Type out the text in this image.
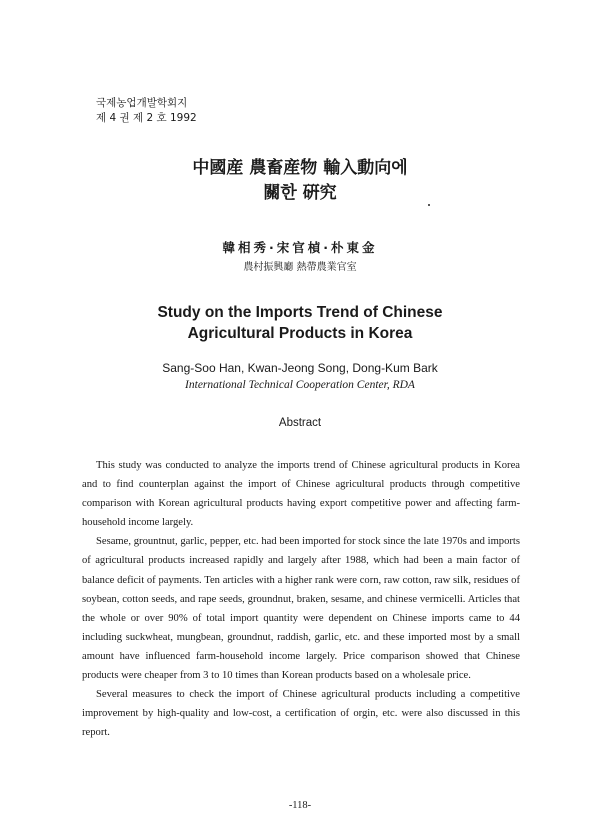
국제농업개발학회지
제 4 권 제 2 호 1992
中國産 農畜産物 輸入動向에
關한 硏究
韓相秀·宋官楨·朴東金
農村振興廳 熱帶農業官室
Study on the Imports Trend of Chinese
Agricultural Products in Korea
Sang-Soo Han, Kwan-Jeong Song, Dong-Kum Bark
International Technical Cooperation Center, RDA
Abstract

This study was conducted to analyze the imports trend of Chinese agricultural products in Korea and to find counterplan against the import of Chinese agricultural products through competitive comparison with Korean agricultural products having export competitive power and affecting farm-household income largely.

Sesame, grountnut, garlic, pepper, etc. had been imported for stock since the late 1970s and imports of agricultural products increased rapidly and largely after 1988, which had been a main factor of balance deficit of payments. Ten articles with a higher rank were corn, raw cotton, raw silk, residues of soybean, cotton seeds, and rape seeds, groundnut, braken, sesame, and chinese vermicelli. Articles that the whole or over 90% of total import quantity were dependent on Chinese imports came to 44 including suckwheat, mungbean, groundnut, raddish, garlic, etc. and these imported most by a small amount have influenced farm-household income largely. Price comparison showed that Chinese products were cheaper from 3 to 10 times than Korean products based on a wholesale price.

Several measures to check the import of Chinese agricultural products including a competitive improvement by high-quality and low-cost, a certification of orgin, etc. were also discussed in this report.

-118-
